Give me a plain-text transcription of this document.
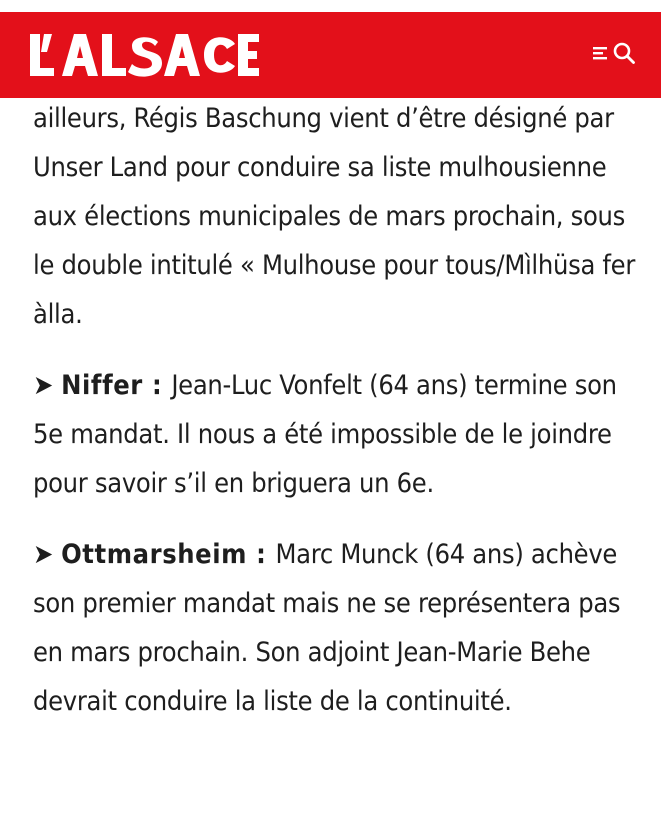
ailleurs, Régis Baschung vient d’être désigné par Unser Land pour conduire sa liste mulhousienne aux élections municipales de mars prochain, sous le double intitulé « Mulhouse pour tous/Mìlhüsa fer àlla.

➤ Niffer : Jean-Luc Vonfelt (64 ans) termine son 5e mandat. Il nous a été impossible de le joindre pour savoir s’il en briguera un 6e.

➤ Ottmarsheim : Marc Munck (64 ans) achève son premier mandat mais ne se représentera pas en mars prochain. Son adjoint Jean-Marie Behe devrait conduire la liste de la continuité.
